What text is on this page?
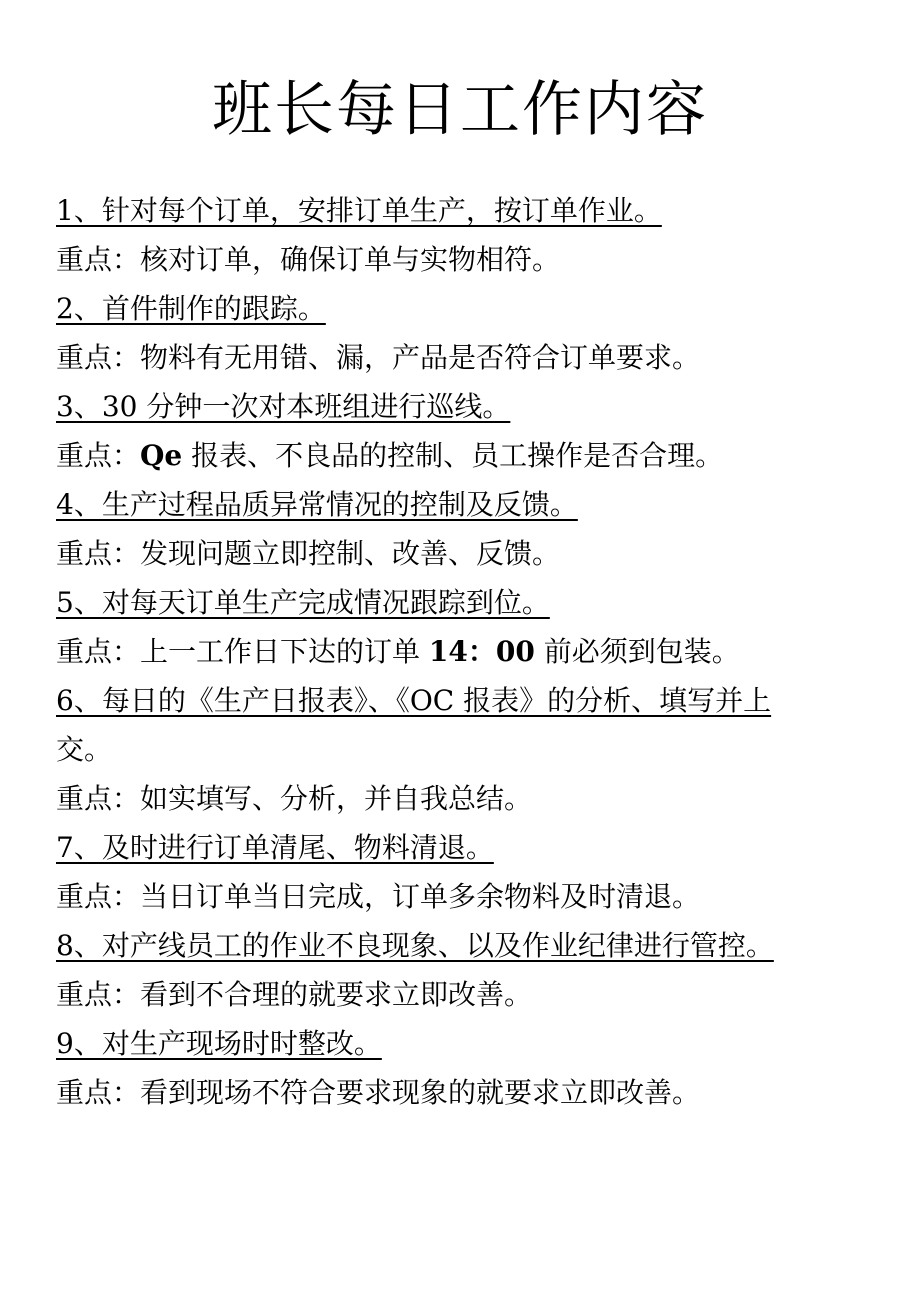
班长每日工作内容
1、针对每个订单，安排订单生产，按订单作业。
重点：核对订单，确保订单与实物相符。
2、首件制作的跟踪。
重点：物料有无用错、漏，产品是否符合订单要求。
3、30 分钟一次对本班组进行巡线。
重点：Qe 报表、不良品的控制、员工操作是否合理。
4、生产过程品质异常情况的控制及反馈。
重点：发现问题立即控制、改善、反馈。
5、对每天订单生产完成情况跟踪到位。
重点：上一工作日下达的订单 14：00 前必须到包装。
6、每日的《生产日报表》、《OC 报表》的分析、填写并上
交。
重点：如实填写、分析，并自我总结。
7、及时进行订单清尾、物料清退。
重点：当日订单当日完成，订单多余物料及时清退。
8、对产线员工的作业不良现象、以及作业纪律进行管控。
重点：看到不合理的就要求立即改善。
9、对生产现场时时整改。
重点：看到现场不符合要求现象的就要求立即改善。
